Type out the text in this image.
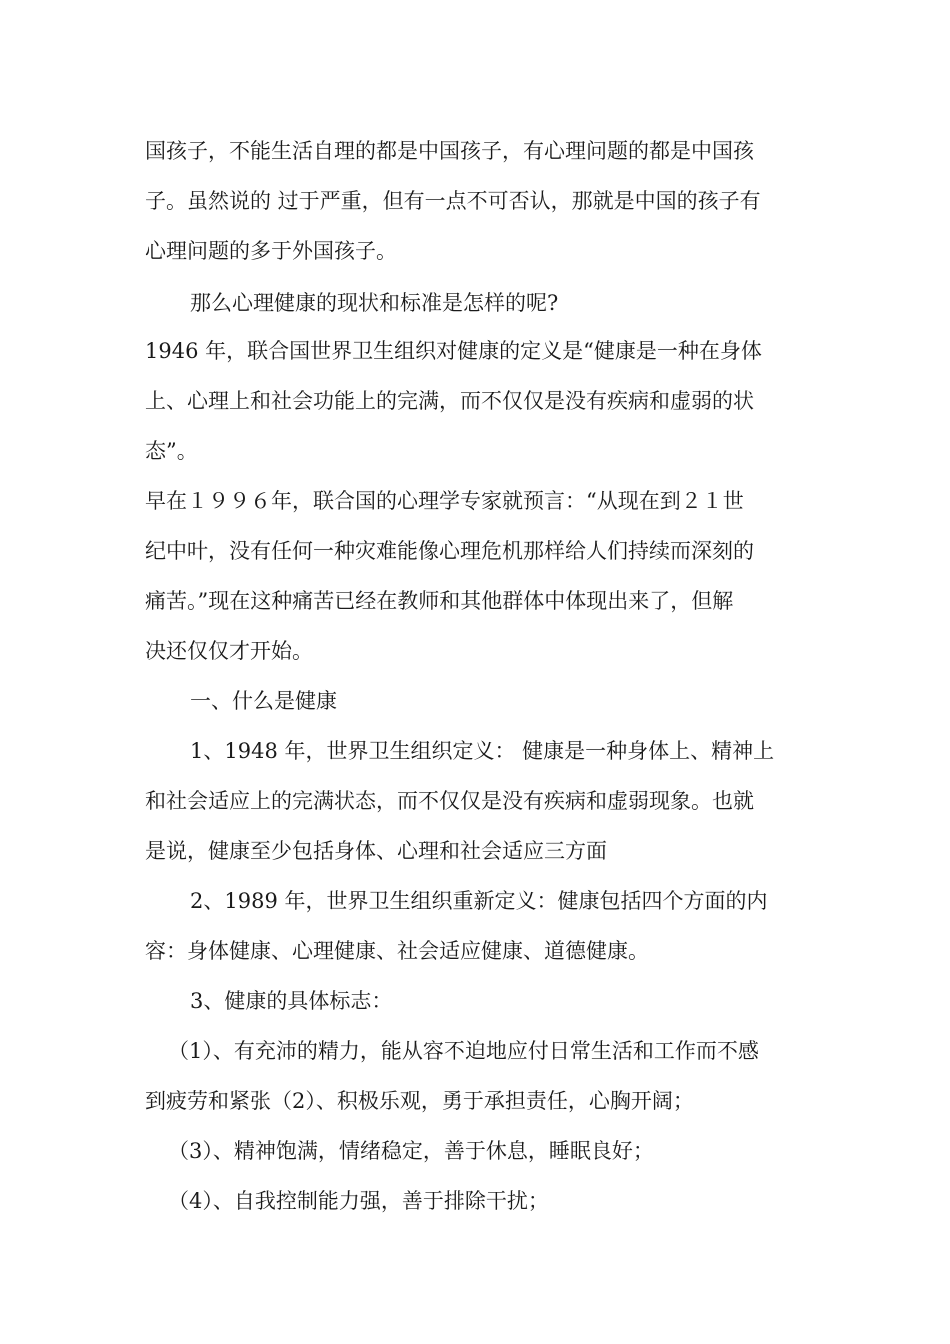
国孩子，不能生活自理的都是中国孩子，有心理问题的都是中国孩
子。虽然说的 过于严重，但有一点不可否认，那就是中国的孩子有
心理问题的多于外国孩子。
那么心理健康的现状和标准是怎样的呢?
1946 年，联合国世界卫生组织对健康的定义是“健康是一种在身体
上、心理上和社会功能上的完满，而不仅仅是没有疾病和虚弱的状
态”。
早在１９９６年，联合国的心理学专家就预言：“从现在到２１世
纪中叶，没有任何一种灾难能像心理危机那样给人们持续而深刻的
痛苦。”现在这种痛苦已经在教师和其他群体中体现出来了，但解
决还仅仅才开始。
一、什么是健康
1、1948 年，世界卫生组织定义： 健康是一种身体上、精神上
和社会适应上的完满状态，而不仅仅是没有疾病和虚弱现象。也就
是说，健康至少包括身体、心理和社会适应三方面
2、1989 年，世界卫生组织重新定义：健康包括四个方面的内
容：身体健康、心理健康、社会适应健康、道德健康。
3、健康的具体标志：
（1）、有充沛的精力，能从容不迫地应付日常生活和工作而不感
到疲劳和紧张（2）、积极乐观，勇于承担责任，心胸开阔；
（3）、精神饱满，情绪稳定，善于休息，睡眠良好；
（4）、自我控制能力强，善于排除干扰；
